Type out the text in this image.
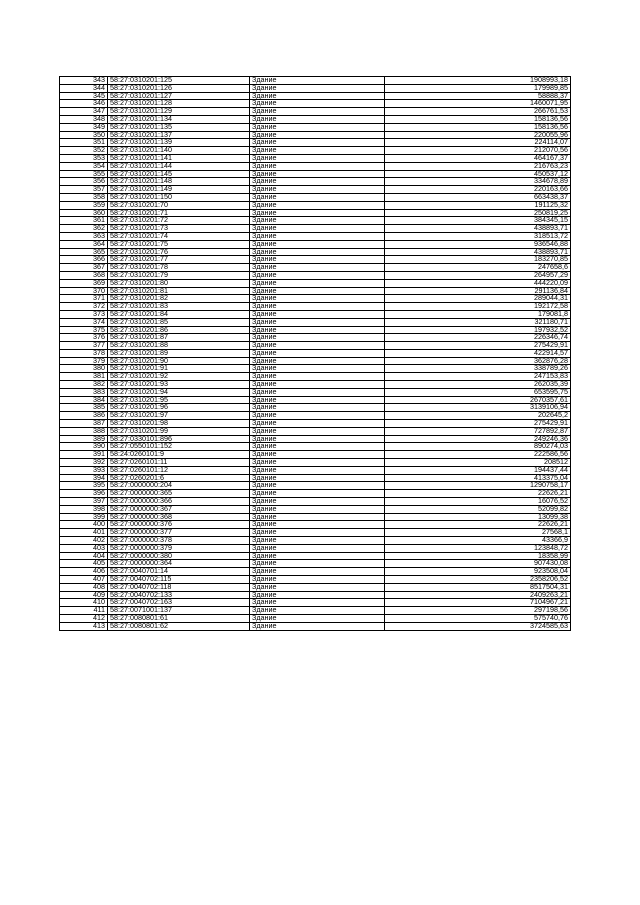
343	58:27:0310201:125	Здание	1908993,18
344	58:27:0310201:126	Здание	179989,85
345	58:27:0310201:127	Здание	58888,37
346	58:27:0310201:128	Здание	1460071,95
347	58:27:0310201:129	Здание	266761,53
348	58:27:0310201:134	Здание	158136,56
349	58:27:0310201:135	Здание	158136,56
350	58:27:0310201:137	Здание	220055,96
351	58:27:0310201:139	Здание	224114,07
352	58:27:0310201:140	Здание	212070,56
353	58:27:0310201:141	Здание	464167,37
354	58:27:0310201:144	Здание	216763,23
355	58:27:0310201:145	Здание	450537,12
356	58:27:0310201:148	Здание	334678,89
357	58:27:0310201:149	Здание	220163,66
358	58:27:0310201:150	Здание	663438,37
359	58:27:0310201:70	Здание	191125,32
360	58:27:0310201:71	Здание	250819,25
361	58:27:0310201:72	Здание	384345,15
362	58:27:0310201:73	Здание	438893,71
363	58:27:0310201:74	Здание	318513,72
364	58:27:0310201:75	Здание	936546,88
365	58:27:0310201:76	Здание	438893,71
366	58:27:0310201:77	Здание	183270,85
367	58:27:0310201:78	Здание	247658,6
368	58:27:0310201:79	Здание	264957,29
369	58:27:0310201:80	Здание	444220,09
370	58:27:0310201:81	Здание	291136,84
371	58:27:0310201:82	Здание	289044,31
372	58:27:0310201:83	Здание	192172,58
373	58:27:0310201:84	Здание	179081,8
374	58:27:0310201:85	Здание	321180,71
375	58:27:0310201:86	Здание	197932,52
376	58:27:0310201:87	Здание	226346,74
377	58:27:0310201:88	Здание	275429,91
378	58:27:0310201:89	Здание	422914,57
379	58:27:0310201:90	Здание	362876,28
380	58:27:0310201:91	Здание	338789,26
381	58:27:0310201:92	Здание	247153,83
382	58:27:0310201:93	Здание	262035,39
383	58:27:0310201:94	Здание	653595,75
384	58:27:0310201:95	Здание	2670357,61
385	58:27:0310201:96	Здание	3139106,94
386	58:27:0310201:97	Здание	202645,2
387	58:27:0310201:98	Здание	275429,91
388	58:27:0310201:99	Здание	727892,87
389	58:27:0330101:896	Здание	249246,36
390	58:27:0550101:152	Здание	890274,03
391	58:24:0260101:9	Здание	222586,56
392	58:27:0260101:11	Здание	208512
393	58:27:0260101:12	Здание	194437,44
394	58:27:0260201:6	Здание	413375,04
395	58:27:0000000:204	Здание	1290758,17
396	58:27:0000000:365	Здание	22626,21
397	58:27:0000000:366	Здание	16076,52
398	58:27:0000000:367	Здание	52099,82
399	58:27:0000000:368	Здание	13099,38
400	58:27:0000000:376	Здание	22626,21
401	58:27:0000000:377	Здание	27568,1
402	58:27:0000000:378	Здание	43366,9
403	58:27:0000000:379	Здание	123848,72
404	58:27:0000000:380	Здание	18358,99
405	58:27:0000000:364	Здание	907430,08
406	58:27:0040701:14	Здание	923508,04
407	58:27:0040702:115	Здание	2358206,52
408	58:27:0040702:118	Здание	8517504,31
409	58:27:0040702:133	Здание	2409263,21
410	58:27:0040702:163	Здание	7104967,21
411	58:27:0071001:137	Здание	297198,56
412	58:27:0080801:61	Здание	575740,76
413	58:27:0080801:62	Здание	3724585,63
